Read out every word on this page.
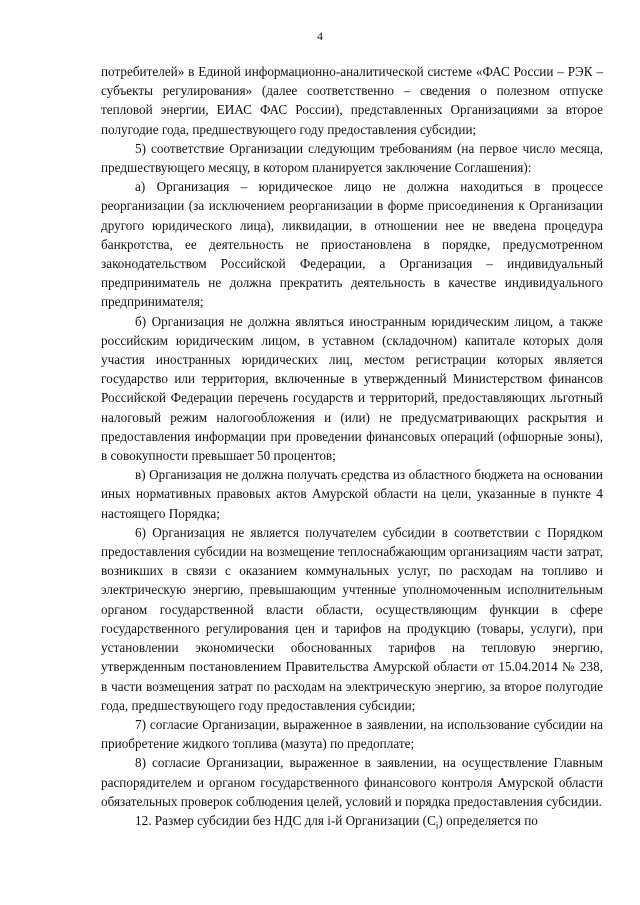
4

потребителей» в Единой информационно-аналитической системе «ФАС России – РЭК – субъекты регулирования» (далее соответственно – сведения о полезном отпуске тепловой энергии, ЕИАС ФАС России), представленных Организациями за второе полугодие года, предшествующего году предоставления субсидии;

5) соответствие Организации следующим требованиям (на первое число месяца, предшествующего месяцу, в котором планируется заключение Соглашения):

а) Организация – юридическое лицо не должна находиться в процессе реорганизации (за исключением реорганизации в форме присоединения к Организации другого юридического лица), ликвидации, в отношении нее не введена процедура банкротства, ее деятельность не приостановлена в порядке, предусмотренном законодательством Российской Федерации, а Организация – индивидуальный предприниматель не должна прекратить деятельность в качестве индивидуального предпринимателя;

б) Организация не должна являться иностранным юридическим лицом, а также российским юридическим лицом, в уставном (складочном) капитале которых доля участия иностранных юридических лиц, местом регистрации которых является государство или территория, включенные в утвержденный Министерством финансов Российской Федерации перечень государств и территорий, предоставляющих льготный налоговый режим налогообложения и (или) не предусматривающих раскрытия и предоставления информации при проведении финансовых операций (офшорные зоны), в совокупности превышает 50 процентов;

в) Организация не должна получать средства из областного бюджета на основании иных нормативных правовых актов Амурской области на цели, указанные в пункте 4 настоящего Порядка;

6) Организация не является получателем субсидии в соответствии с Порядком предоставления субсидии на возмещение теплоснабжающим организациям части затрат, возникших в связи с оказанием коммунальных услуг, по расходам на топливо и электрическую энергию, превышающим учтенные уполномоченным исполнительным органом государственной власти области, осуществляющим функции в сфере государственного регулирования цен и тарифов на продукцию (товары, услуги), при установлении экономически обоснованных тарифов на тепловую энергию, утвержденным постановлением Правительства Амурской области от 15.04.2014 № 238, в части возмещения затрат по расходам на электрическую энергию, за второе полугодие года, предшествующего году предоставления субсидии;

7) согласие Организации, выраженное в заявлении, на использование субсидии на приобретение жидкого топлива (мазута) по предоплате;

8) согласие Организации, выраженное в заявлении, на осуществление Главным распорядителем и органом государственного финансового контроля Амурской области обязательных проверок соблюдения целей, условий и порядка предоставления субсидии.

12. Размер субсидии без НДС для i-й Организации $(C_i)$ определяется по
